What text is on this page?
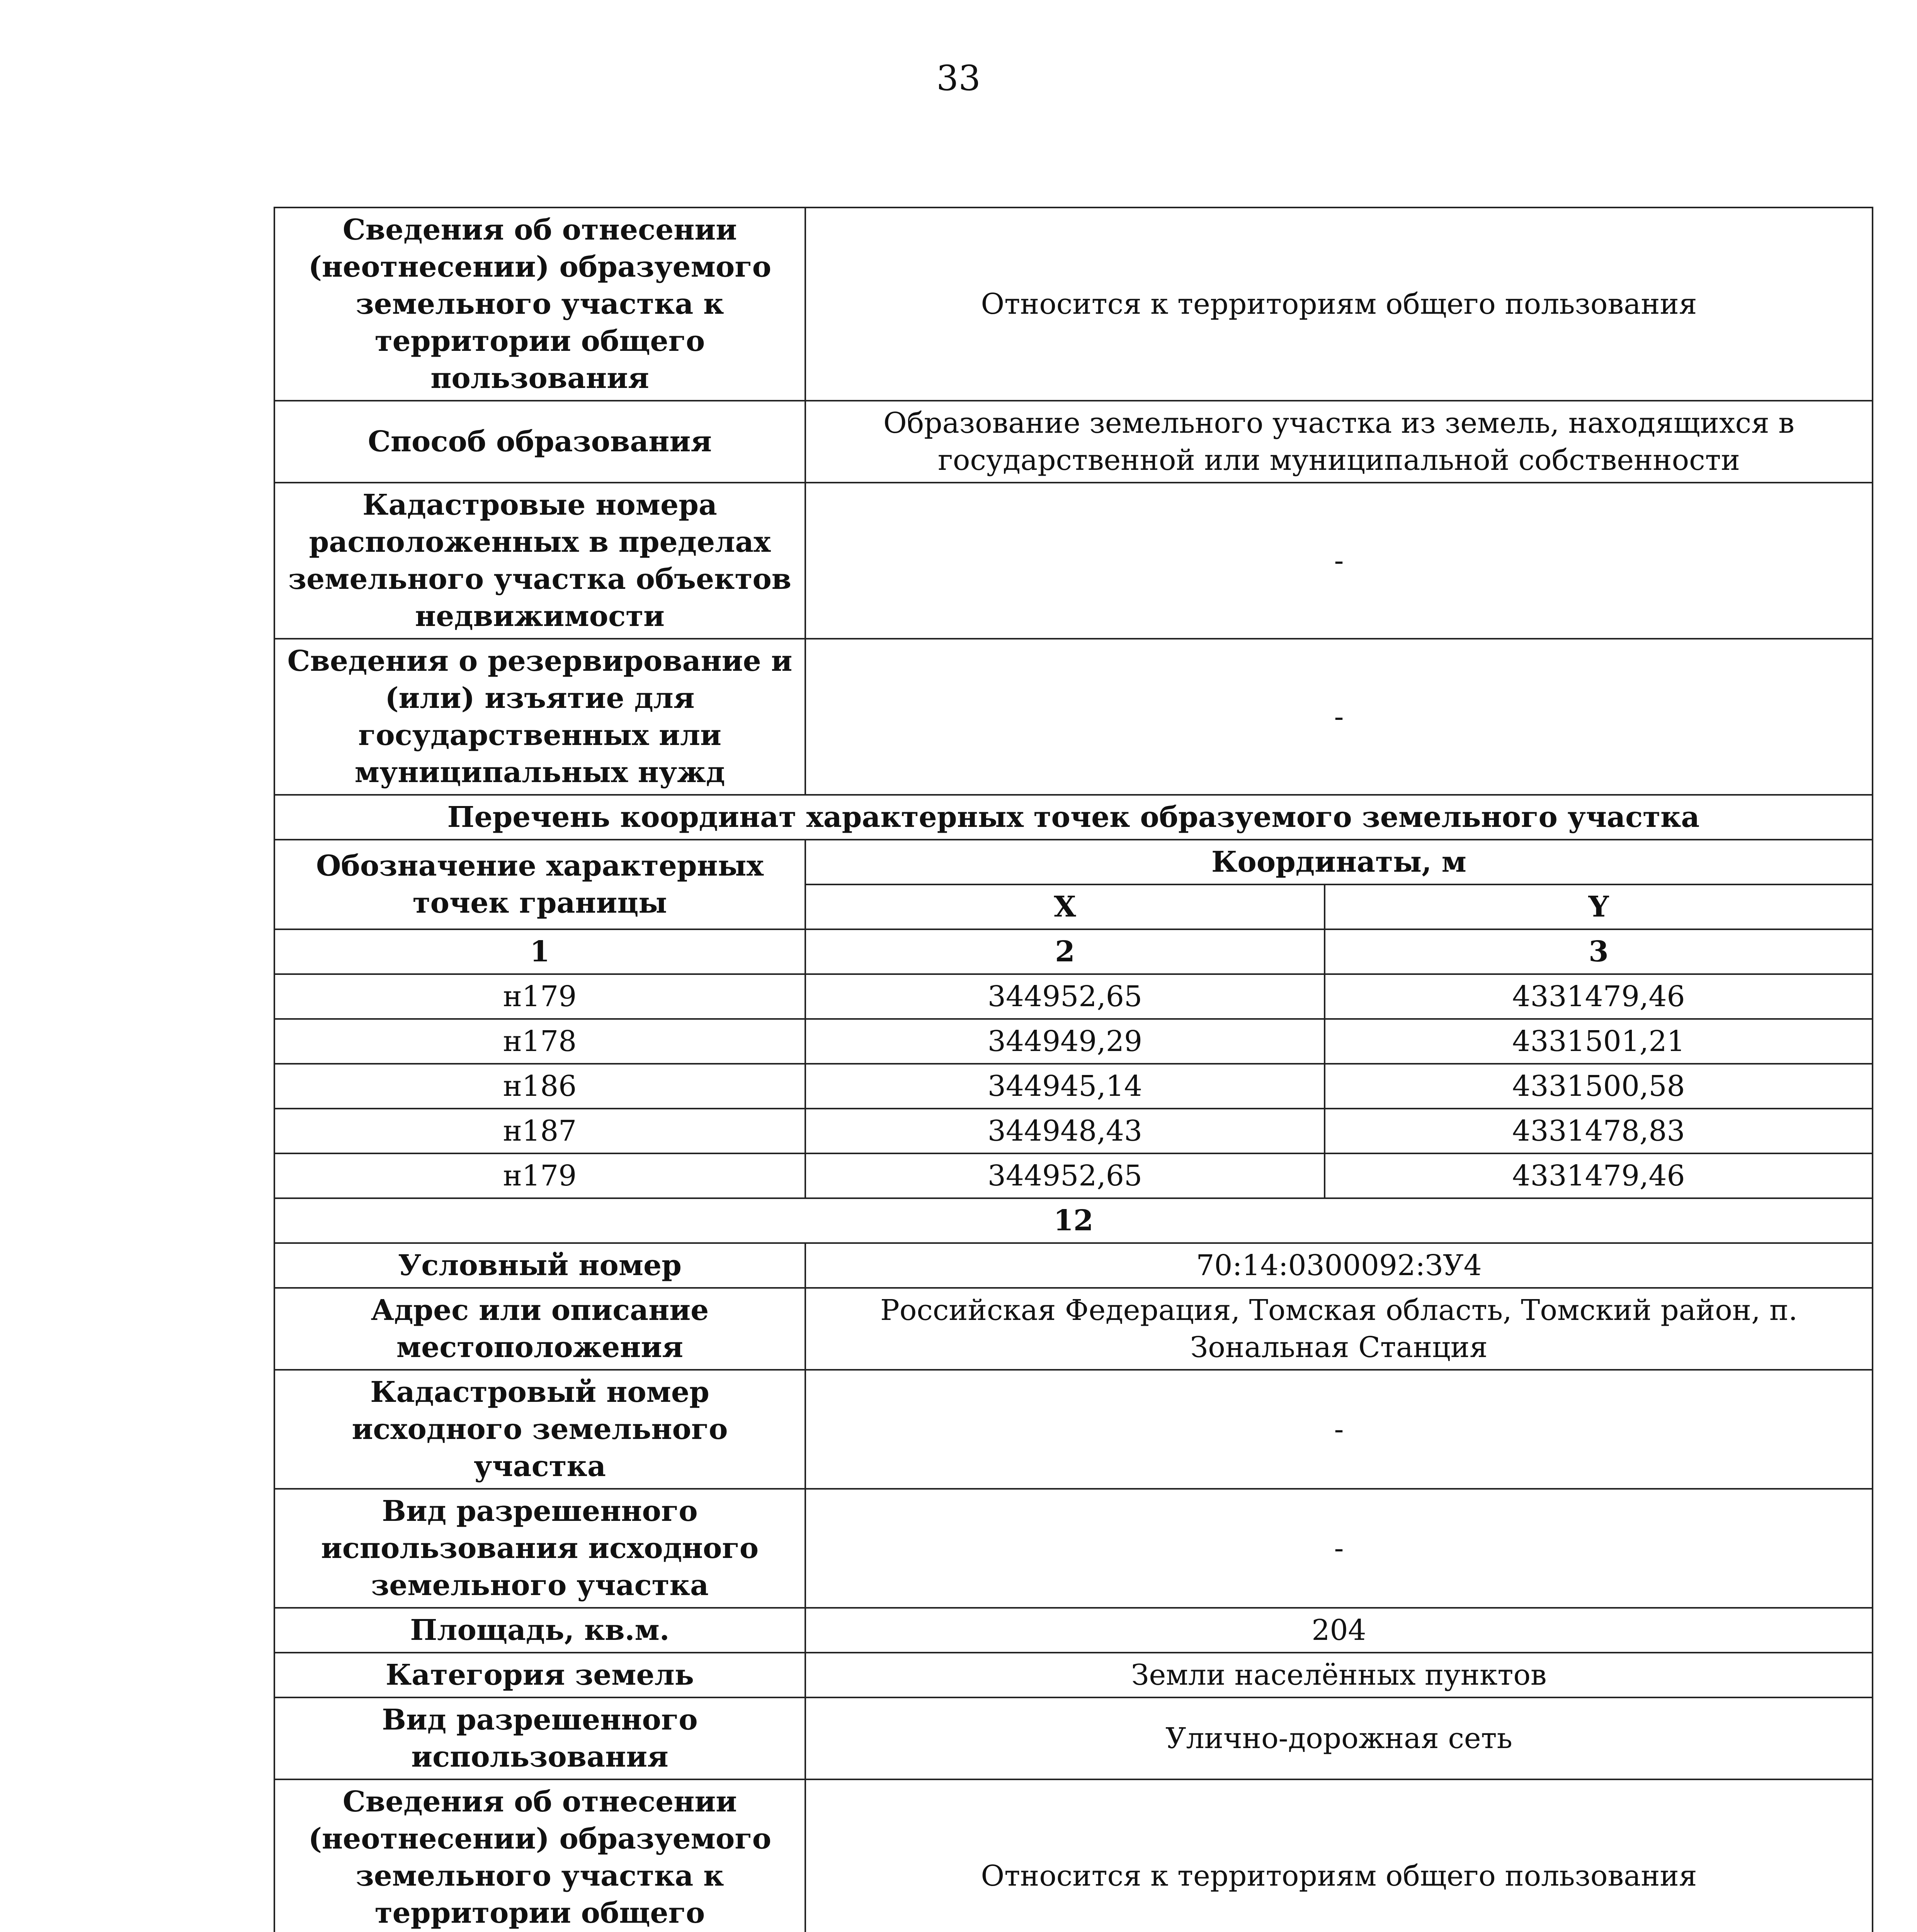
33
Сведения об отнесении (неотнесении) образуемого земельного участка к территории общего пользования	Относится к территориям общего пользования	
Способ образования	Образование земельного участка из земель, находящихся в государственной или муниципальной собственности	
Кадастровые номера расположенных в пределах земельного участка объектов недвижимости	-	
Сведения о резервирование и (или) изъятие для государственных или муниципальных нужд	-	
Перечень координат характерных точек образуемого земельного участка		
Обозначение характерных точек границы	Координаты, м	
	X	Y
1	2	3
н179	344952,65	4331479,46
н178	344949,29	4331501,21
н186	344945,14	4331500,58
н187	344948,43	4331478,83
н179	344952,65	4331479,46
12		
Условный номер	70:14:0300092:ЗУ4	
Адрес или описание местоположения	Российская Федерация, Томская область, Томский район, п. Зональная Станция	
Кадастровый номер исходного земельного участка	-	
Вид разрешенного использования исходного земельного участка	-	
Площадь, кв.м.	204	
Категория земель	Земли населённых пунктов	
Вид разрешенного использования	Улично-дорожная сеть	
Сведения об отнесении (неотнесении) образуемого земельного участка к территории общего	Относится к территориям общего пользования	
